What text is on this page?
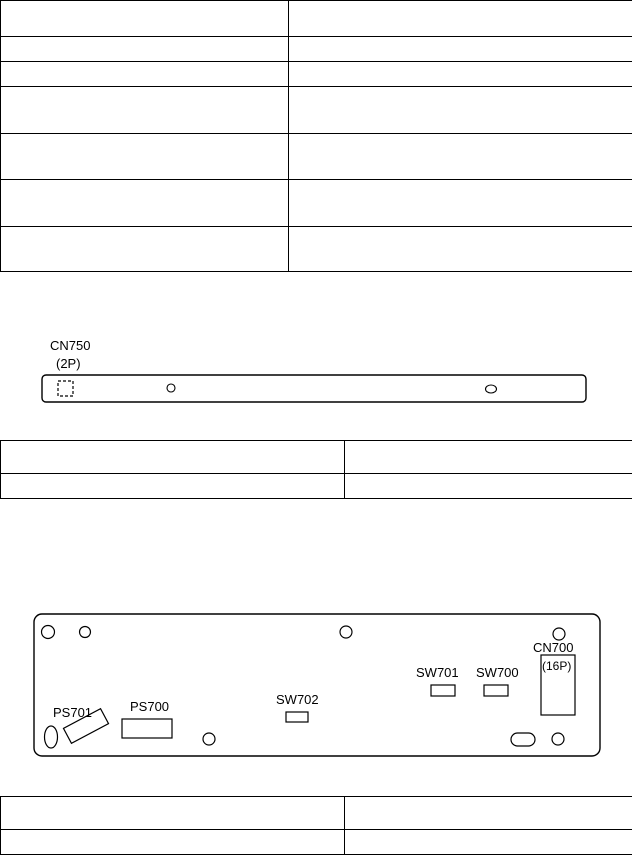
CN750
(2P)

CN700
(16P)
SW701 SW700
SW702
PS701	PS700
